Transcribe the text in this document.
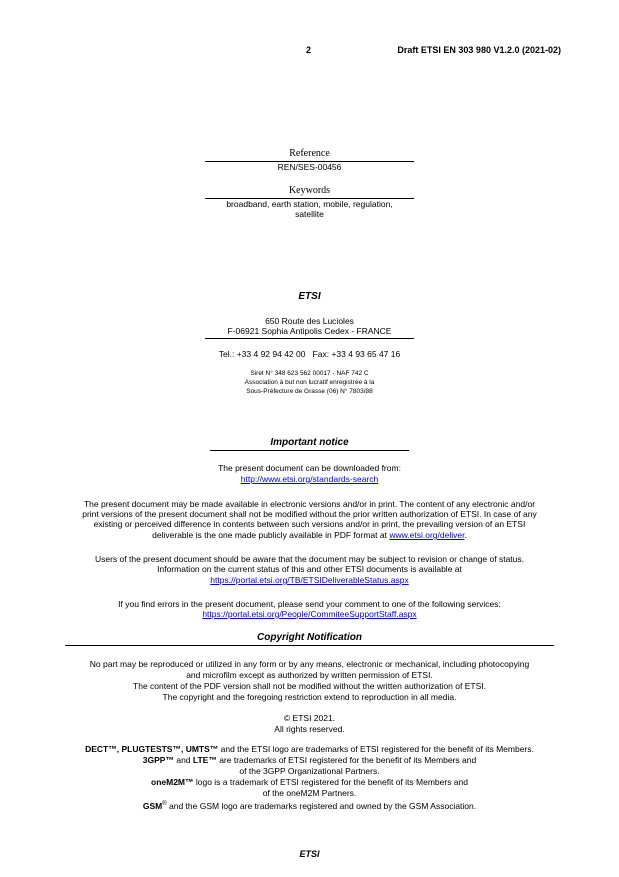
2	Draft ETSI EN 303 980 V1.2.0 (2021-02)
Reference
REN/SES-00456
Keywords
broadband, earth station, mobile, regulation,
satellite
ETSI
650 Route des Lucioles
F-06921 Sophia Antipolis Cedex - FRANCE
Tel.: +33 4 92 94 42 00   Fax: +33 4 93 65 47 16
Siret N° 348 623 562 00017 - NAF 742 C
Association à but non lucratif enregistrée à la
Sous-Préfecture de Grasse (06) N° 7803/88
Important notice
The present document can be downloaded from:
http://www.etsi.org/standards-search
The present document may be made available in electronic versions and/or in print. The content of any electronic and/or
print versions of the present document shall not be modified without the prior written authorization of ETSI. In case of any
existing or perceived difference in contents between such versions and/or in print, the prevailing version of an ETSI
deliverable is the one made publicly available in PDF format at www.etsi.org/deliver.
Users of the present document should be aware that the document may be subject to revision or change of status.
Information on the current status of this and other ETSI documents is available at
https://portal.etsi.org/TB/ETSIDeliverableStatus.aspx
If you find errors in the present document, please send your comment to one of the following services:
https://portal.etsi.org/People/CommiteeSupportStaff.aspx
Copyright Notification
No part may be reproduced or utilized in any form or by any means, electronic or mechanical, including photocopying
and microfilm except as authorized by written permission of ETSI.
The content of the PDF version shall not be modified without the written authorization of ETSI.
The copyright and the foregoing restriction extend to reproduction in all media.
© ETSI 2021.
All rights reserved.
DECT™, PLUGTESTS™, UMTS™ and the ETSI logo are trademarks of ETSI registered for the benefit of its Members.
3GPP™ and LTE™ are trademarks of ETSI registered for the benefit of its Members and
of the 3GPP Organizational Partners.
oneM2M™ logo is a trademark of ETSI registered for the benefit of its Members and
of the oneM2M Partners.
GSM® and the GSM logo are trademarks registered and owned by the GSM Association.
ETSI
